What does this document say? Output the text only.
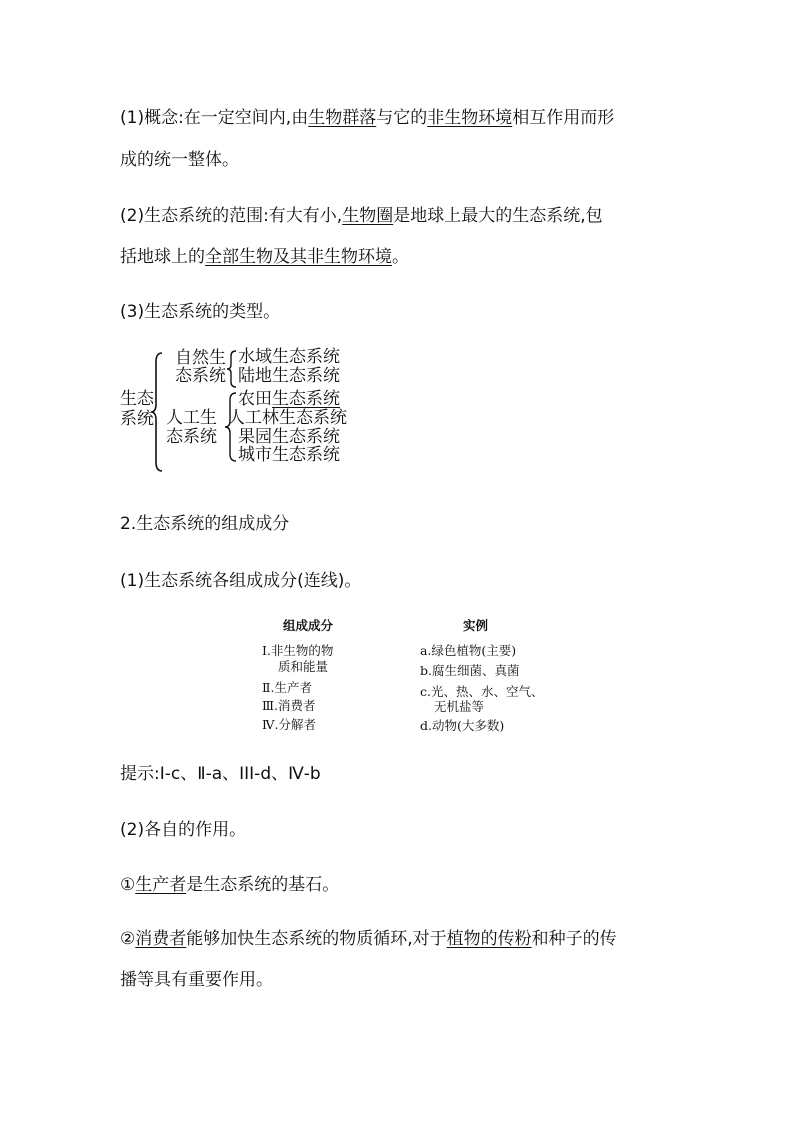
(1)概念:在一定空间内,由生物群落与它的非生物环境相互作用而形
成的统一整体。
(2)生态系统的范围:有大有小,生物圈是地球上最大的生态系统,包
括地球上的全部生物及其非生物环境。
(3)生态系统的类型。
生态
系统
自然生
态系统
水域生态系统
陆地生态系统
人工生
态系统
农田生态系统
人工林生态系统
果园生态系统
城市生态系统
2.生态系统的组成成分
(1)生态系统各组成成分(连线)。
组成成分	实例
Ⅰ.非生物的物
质和能量
Ⅱ.生产者
Ⅲ.消费者
Ⅳ.分解者
a.绿色植物(主要)
b.腐生细菌、真菌
c.光、热、水、空气、
无机盐等
d.动物(大多数)
提示:Ⅰ-c、Ⅱ-a、III-d、Ⅳ-b
(2)各自的作用。
①生产者是生态系统的基石。
②消费者能够加快生态系统的物质循环,对于植物的传粉和种子的传
播等具有重要作用。
